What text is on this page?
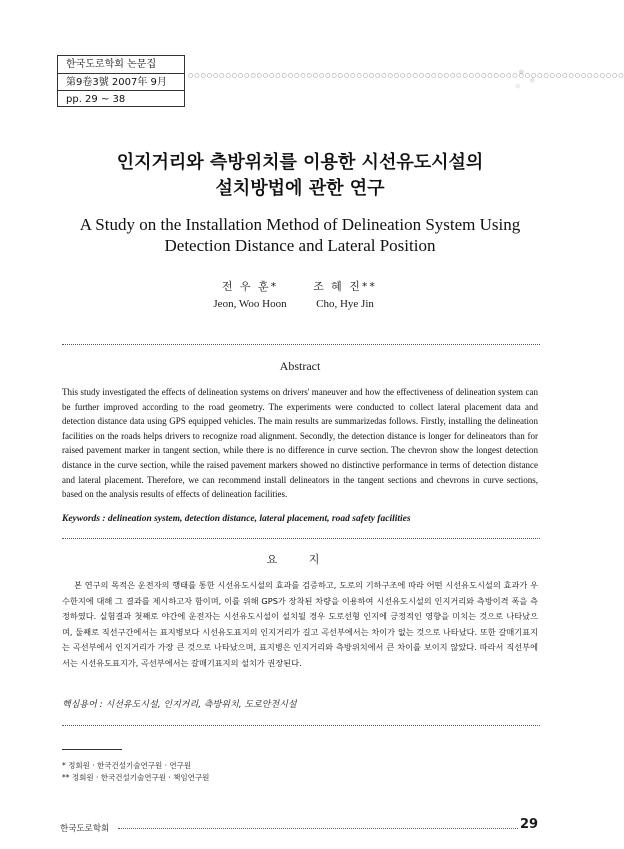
한국도로학회 논문집
第9卷3號 2007年 9月
pp. 29 ~ 38
○○○○○○○○○○○○○○○○○○○○○○○○○○○○○○○○○○○○○○○○○○○○○○○○○○○○○○○○○○○○○○○○○○○○○○
인지거리와 측방위치를 이용한 시선유도시설의
설치방법에 관한 연구
A Study on the Installation Method of Delineation System Using
Detection Distance and Lateral Position
전 우 훈*
Jeon, Woo Hoon
조 혜 진**
Cho, Hye Jin
Abstract
This study investigated the effects of delineation systems on drivers' maneuver and how the effectiveness of delineation system can be further improved according to the road geometry. The experiments were conducted to collect lateral placement data and detection distance data using GPS equipped vehicles. The main results are summarizedas follows. Firstly, installing the delineation facilities on the roads helps drivers to recognize road alignment. Secondly, the detection distance is longer for delineators than for raised pavement marker in tangent section, while there is no difference in curve section. The chevron show the longest detection distance in the curve section, while the raised pavement markers showed no distinctive performance in terms of detection distance and lateral placement. Therefore, we can recommend install delineators in the tangent sections and chevrons in curve sections, based on the analysis results of effects of delineation facilities.
Keywords : delineation system, detection distance, lateral placement, road safety facilities
요 지
본 연구의 목적은 운전자의 행태를 통한 시선유도시설의 효과를 검증하고, 도로의 기하구조에 따라 어떤 시선유도시설의 효과가 우수한지에 대해 그 결과를 제시하고자 함이며, 이를 위해 GPS가 장착된 차량을 이용하여 시선유도시설의 인지거리와 측방이격 폭을 측정하였다. 실험결과 첫째로 야간에 운전자는 시선유도시설이 설치될 경우 도로선형 인지에 긍정적인 영향을 미치는 것으로 나타났으며, 둘째로 직선구간에서는 표지병보다 시선유도표지의 인지거리가 길고 곡선부에서는 차이가 없는 것으로 나타났다. 또한 갈매기표지는 곡선부에서 인지거리가 가장 큰 것으로 나타났으며, 표지병은 인지거리와 측방위치에서 큰 차이를 보이지 않았다. 따라서 직선부에서는 시선유도표지가, 곡선부에서는 갈매기표지의 설치가 권장된다.
핵심용어 : 시선유도시설, 인지거리, 측방위치, 도로안전시설
* 정회원 · 한국건설기술연구원 · 연구원
** 정회원 · 한국건설기술연구원 · 책임연구원
한국도로학회	29
